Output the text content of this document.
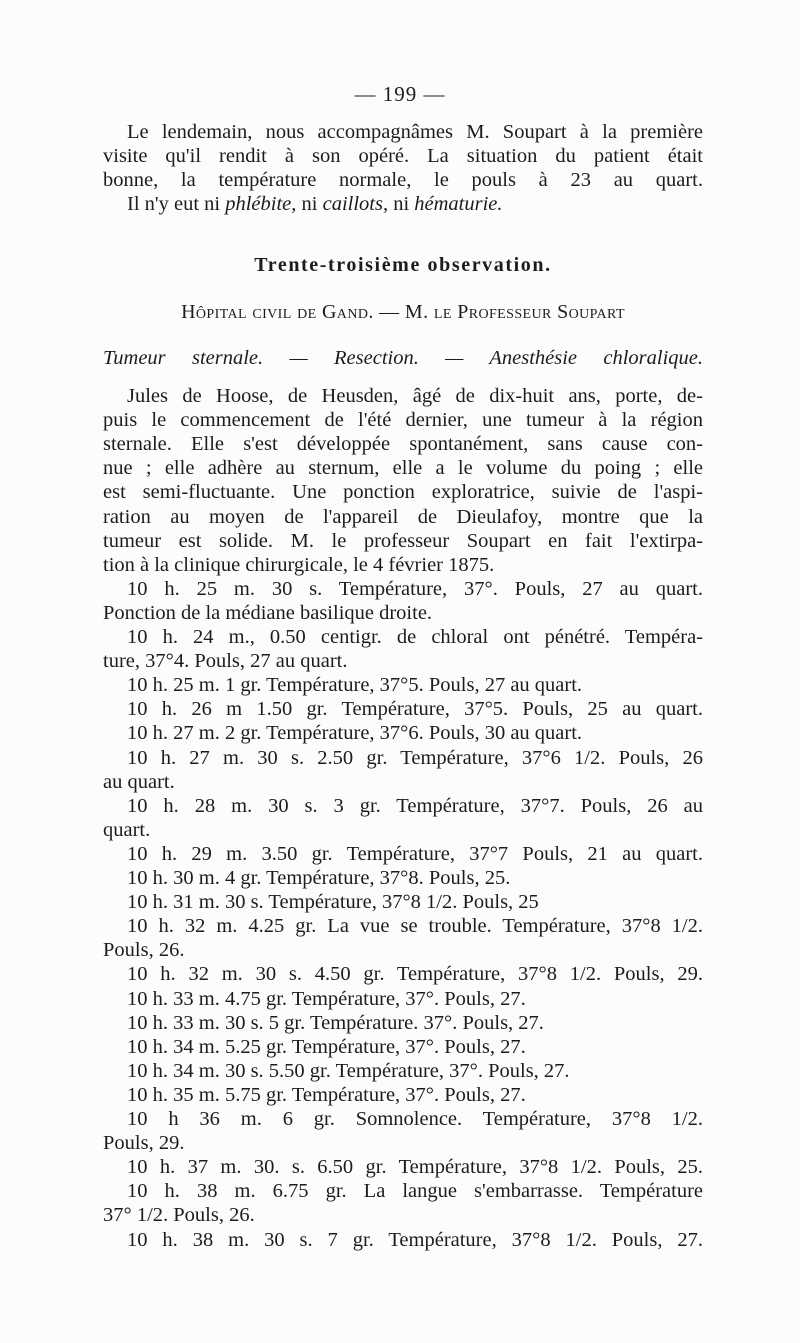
— 199 —
Le lendemain, nous accompagnâmes M. Soupart à la première
visite qu'il rendit à son opéré. La situation du patient était
bonne, la température normale, le pouls à 23 au quart.
Il n'y eut ni phlébite, ni caillots, ni hématurie.
Trente-troisième observation.
Hôpital civil de Gand. — M. le Professeur Soupart
Tumeur sternale. — Resection. — Anesthésie chloralique.
Jules de Hoose, de Heusden, âgé de dix-huit ans, porte, de-
puis le commencement de l'été dernier, une tumeur à la région
sternale. Elle s'est développée spontanément, sans cause con-
nue ; elle adhère au sternum, elle a le volume du poing ; elle
est semi-fluctuante. Une ponction exploratrice, suivie de l'aspi-
ration au moyen de l'appareil de Dieulafoy, montre que la
tumeur est solide. M. le professeur Soupart en fait l'extirpa-
tion à la clinique chirurgicale, le 4 février 1875.
10 h. 25 m. 30 s. Température, 37°. Pouls, 27 au quart.
Ponction de la médiane basilique droite.
10 h. 24 m., 0.50 centigr. de chloral ont pénétré. Tempéra-
ture, 37°4. Pouls, 27 au quart.
10 h. 25 m. 1 gr. Température, 37°5. Pouls, 27 au quart.
10 h. 26 m 1.50 gr. Température, 37°5. Pouls, 25 au quart.
10 h. 27 m. 2 gr. Température, 37°6. Pouls, 30 au quart.
10 h. 27 m. 30 s. 2.50 gr. Température, 37°6 1/2. Pouls, 26
au quart.
10 h. 28 m. 30 s. 3 gr. Température, 37°7. Pouls, 26 au
quart.
10 h. 29 m. 3.50 gr. Température, 37°7 Pouls, 21 au quart.
10 h. 30 m. 4 gr. Température, 37°8. Pouls, 25.
10 h. 31 m. 30 s. Température, 37°8 1/2. Pouls, 25
10 h. 32 m. 4.25 gr. La vue se trouble. Température, 37°8 1/2.
Pouls, 26.
10 h. 32 m. 30 s. 4.50 gr. Température, 37°8 1/2. Pouls, 29.
10 h. 33 m. 4.75 gr. Température, 37°. Pouls, 27.
10 h. 33 m. 30 s. 5 gr. Température. 37°. Pouls, 27.
10 h. 34 m. 5.25 gr. Température, 37°. Pouls, 27.
10 h. 34 m. 30 s. 5.50 gr. Température, 37°. Pouls, 27.
10 h. 35 m. 5.75 gr. Température, 37°. Pouls, 27.
10 h 36 m. 6 gr. Somnolence. Température, 37°8 1/2.
Pouls, 29.
10 h. 37 m. 30. s. 6.50 gr. Température, 37°8 1/2. Pouls, 25.
10 h. 38 m. 6.75 gr. La langue s'embarrasse. Température
37° 1/2. Pouls, 26.
10 h. 38 m. 30 s. 7 gr. Température, 37°8 1/2. Pouls, 27.
